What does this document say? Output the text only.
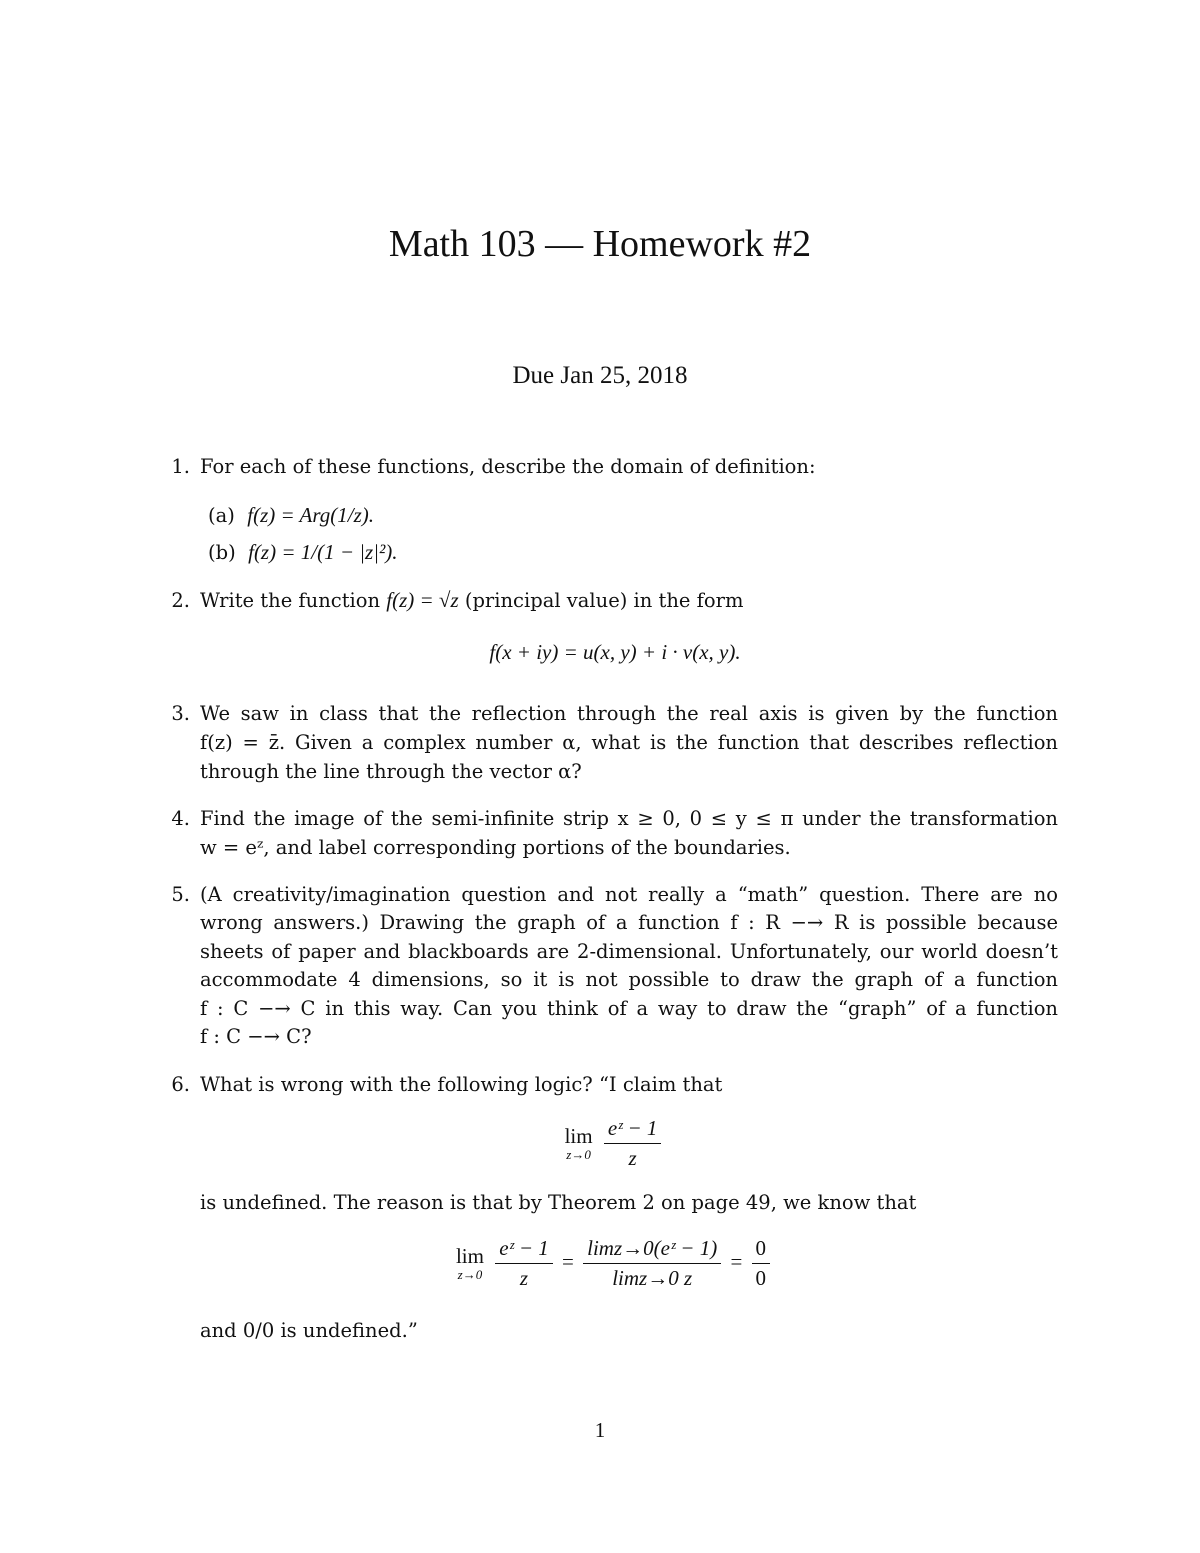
Math 103 — Homework #2
Due Jan 25, 2018
1. For each of these functions, describe the domain of definition:
(a) f(z) = Arg(1/z).
(b) f(z) = 1/(1 − |z|²).
2. Write the function f(z) = √z (principal value) in the form
f(x + iy) = u(x, y) + i · v(x, y).
3. We saw in class that the reflection through the real axis is given by the function
f(z) = z̄. Given a complex number α, what is the function that describes reflection
through the line through the vector α?
4. Find the image of the semi-infinite strip x ≥ 0, 0 ≤ y ≤ π under the transformation
w = eᶻ, and label corresponding portions of the boundaries.
5. (A creativity/imagination question and not really a “math” question. There are no
wrong answers.) Drawing the graph of a function f : R −→ R is possible because
sheets of paper and blackboards are 2-dimensional. Unfortunately, our world doesn’t
accommodate 4 dimensions, so it is not possible to draw the graph of a function
f : C −→ C in this way. Can you think of a way to draw the “graph” of a function
f : C −→ C?
6. What is wrong with the following logic? “I claim that
lim
z→0
$\frac{\text{eᶻ − 1}}{z}$
is undefined. The reason is that by Theorem 2 on page 49, we know that
lim
z→0
$\frac{\text{eᶻ − 1}}{z} = \frac{\text{limz→0(eᶻ − 1)}}{\lim z\to 0 z} = \frac{0}{0}$
and 0/0 is undefined.”
1
